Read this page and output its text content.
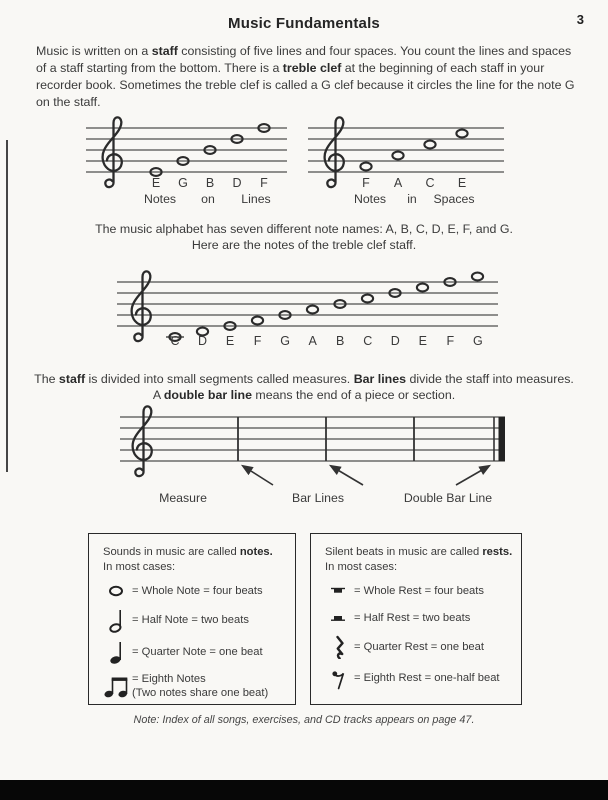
3
Music Fundamentals

Music is written on a staff consisting of five lines and four spaces. You count the lines and spaces of a staff starting from the bottom. There is a treble clef at the beginning of each staff in your recorder book. Sometimes the treble clef is called a G clef because it circles the line for the note G on the staff.

E	G	B	D	F
Notes	on	Lines
F	A	C	E
Notes	in	Spaces
The music alphabet has seven different note names: A, B, C, D, E, F, and G.
Here are the notes of the treble clef staff.
C D E F G A B C D E F G
The staff is divided into small segments called measures. Bar lines divide the staff into measures.
A double bar line means the end of a piece or section.
Measure	Bar Lines	Double Bar Line
Sounds in music are called notes.
In most cases:
= Whole Note = four beats
= Half Note = two beats
= Quarter Note = one beat
= Eighth Notes
(Two notes share one beat)
Silent beats in music are called rests.
In most cases:
= Whole Rest = four beats
= Half Rest = two beats
= Quarter Rest = one beat
= Eighth Rest = one-half beat
Note: Index of all songs, exercises, and CD tracks appears on page 47.
